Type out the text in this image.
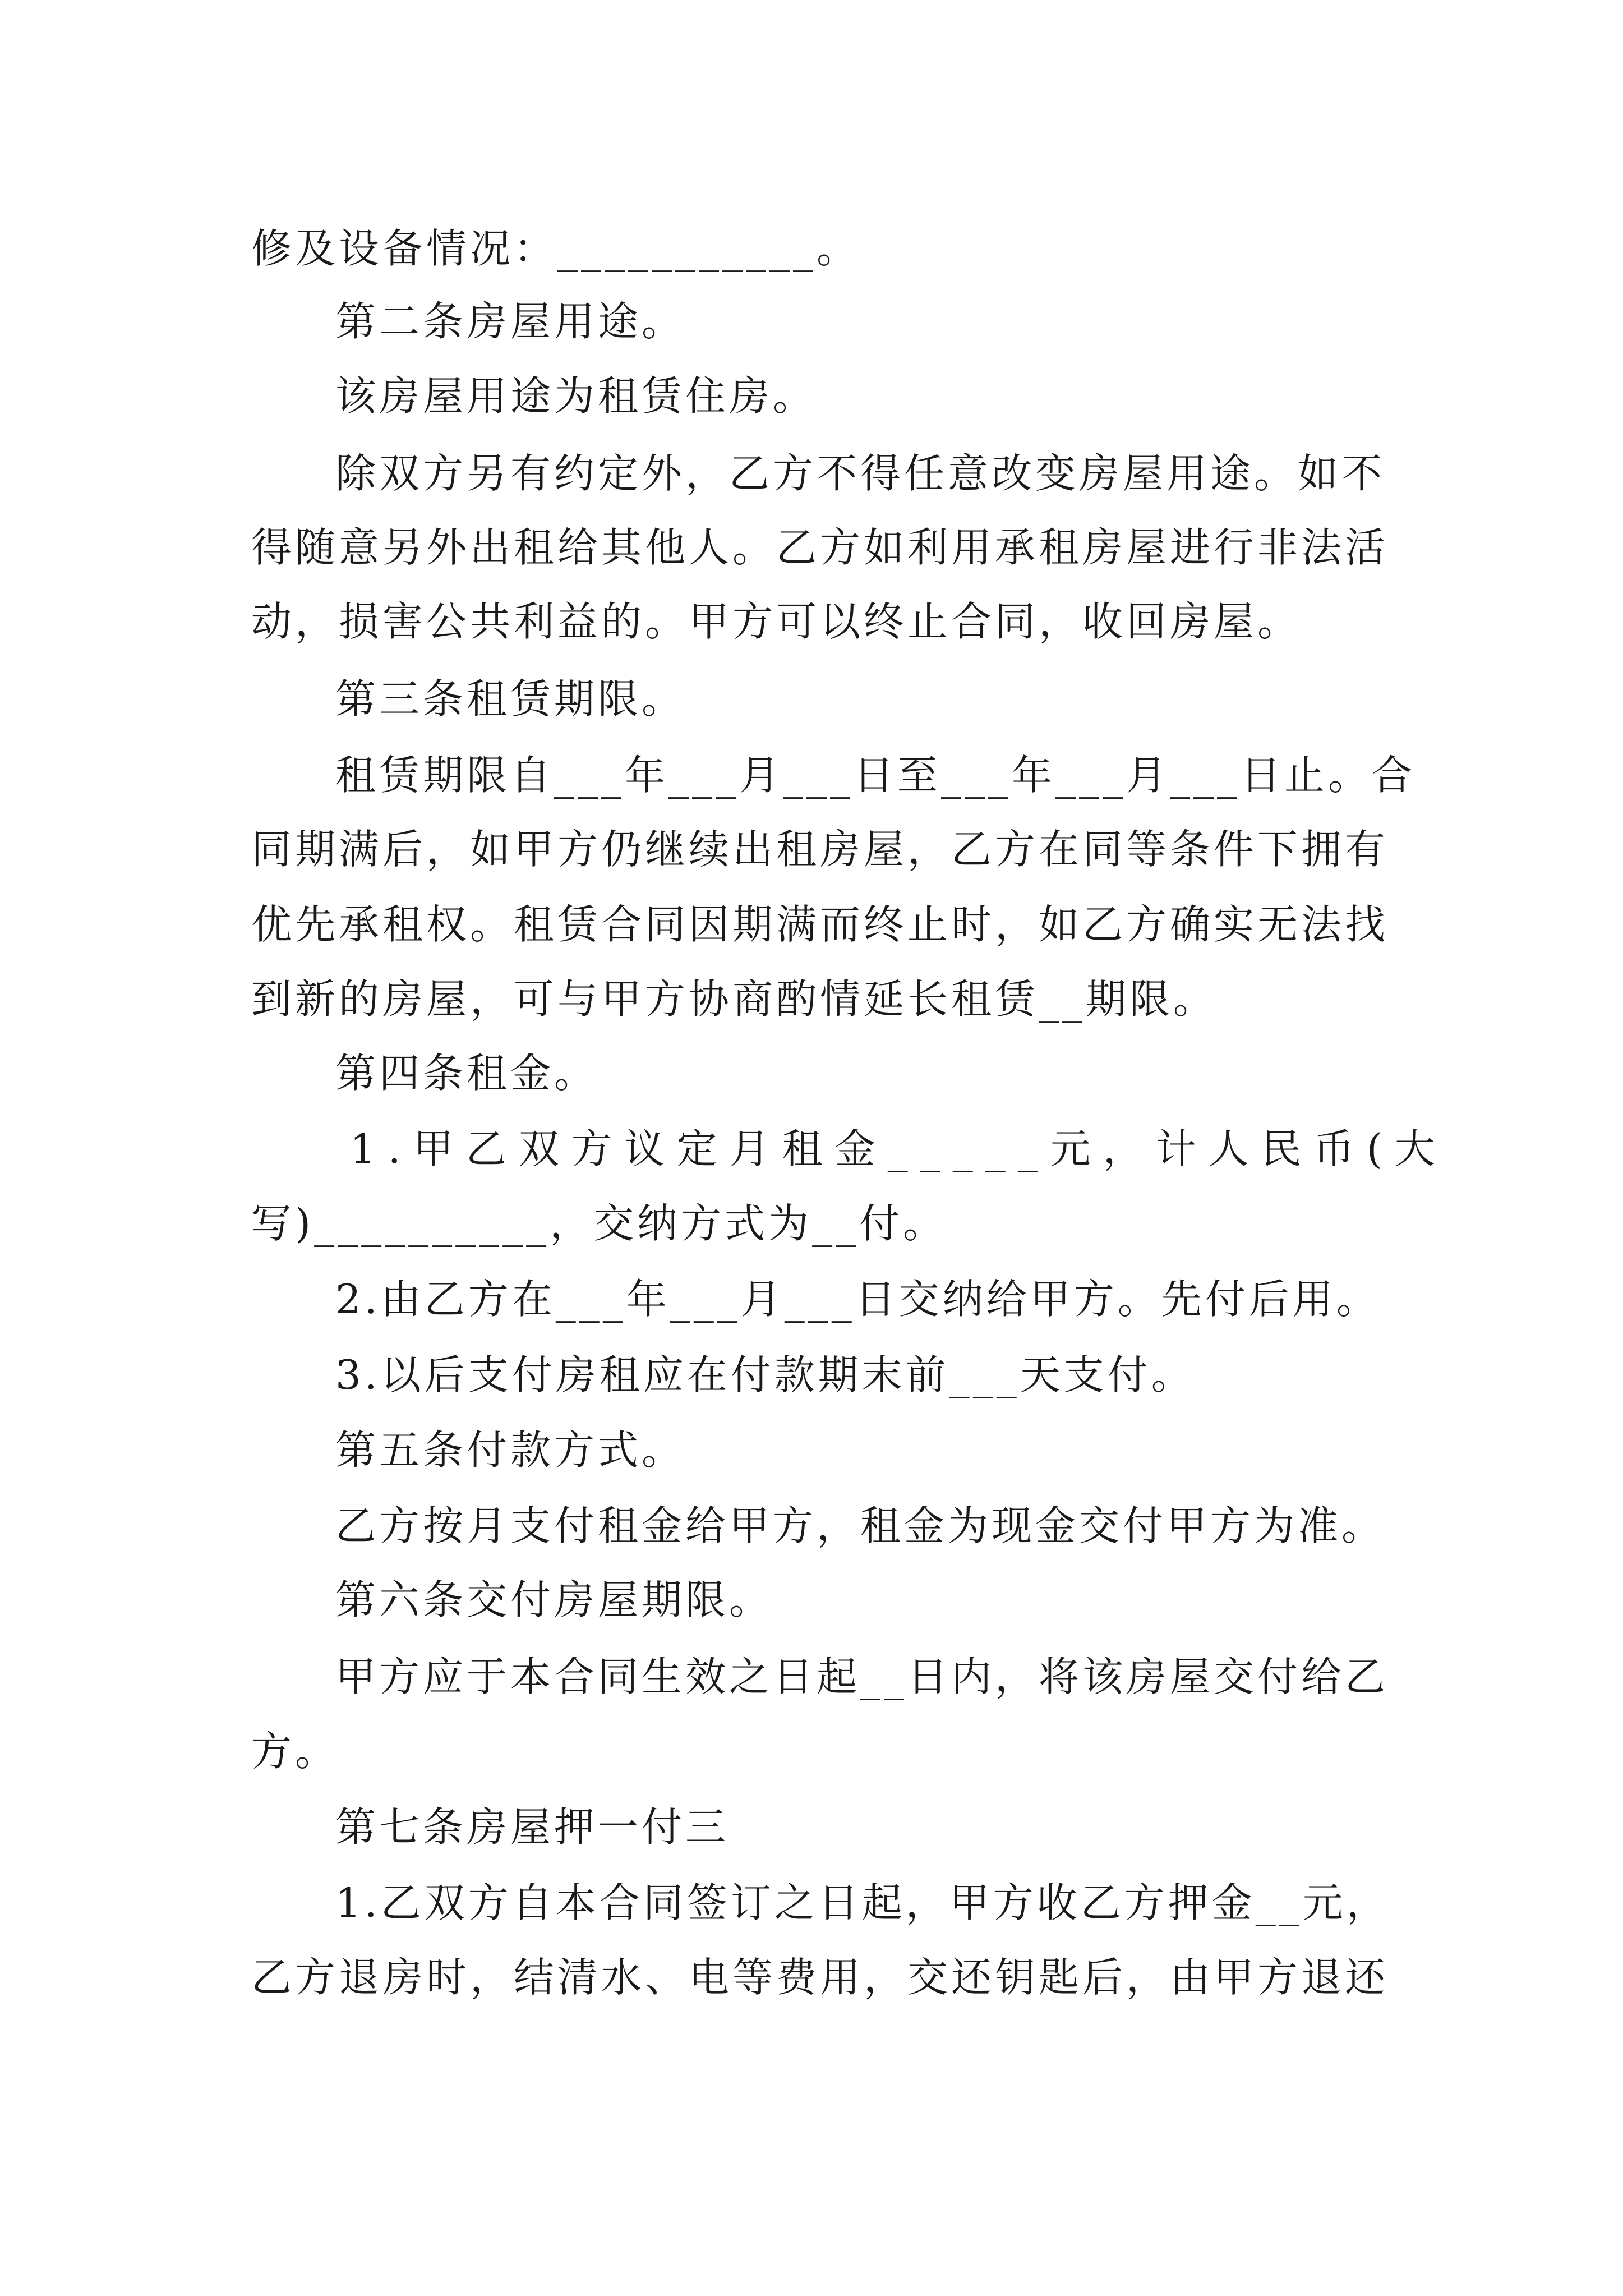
修及设备情况：___________。
第二条房屋用途。
该房屋用途为租赁住房。
除双方另有约定外，乙方不得任意改变房屋用途。如不
得随意另外出租给其他人。乙方如利用承租房屋进行非法活
动，损害公共利益的。甲方可以终止合同，收回房屋。
第三条租赁期限。
租赁期限自___年___月___日至___年___月___日止。合
同期满后，如甲方仍继续出租房屋，乙方在同等条件下拥有
优先承租权。租赁合同因期满而终止时，如乙方确实无法找
到新的房屋，可与甲方协商酌情延长租赁__期限。
第四条租金。
1.甲乙双方议定月租金_____元，计人民币(大
写)__________，交纳方式为__付。
2.由乙方在___年___月___日交纳给甲方。先付后用。
3.以后支付房租应在付款期末前___天支付。
第五条付款方式。
乙方按月支付租金给甲方，租金为现金交付甲方为准。
第六条交付房屋期限。
甲方应于本合同生效之日起__日内，将该房屋交付给乙
方。
第七条房屋押一付三
1.乙双方自本合同签订之日起，甲方收乙方押金__元，
乙方退房时，结清水、电等费用，交还钥匙后，由甲方退还
